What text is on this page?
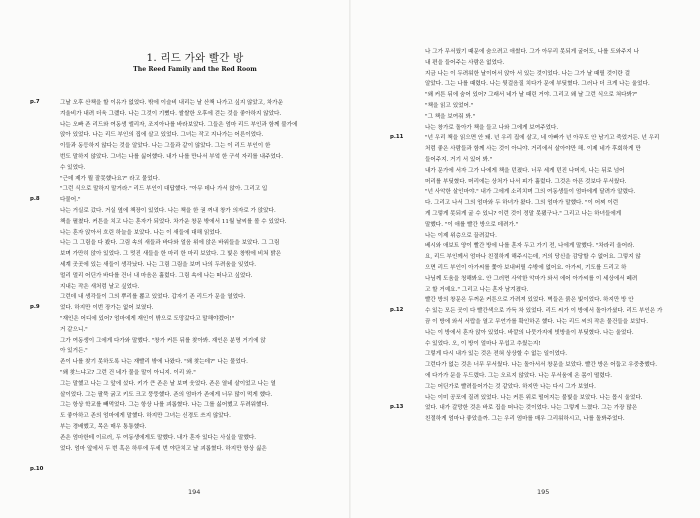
1. 리드 가와 빨간 방
The Reed Family and the Red Room
그날 오후 산책을 할 이유가 없었다. 밖에 이슬비 내리는 날 산책 나가고 싶지 않았고, 차가운
겨울비가 내려 더욱 그랬다. 나는 그것이 기뻤다. 쌀쌀한 오후에 걷는 것을 좋아하지 않았다.
나는 오빠 존 리드와 여동생 엘리자, 조지아나를 바라보았다. 그들은 엄마 리드 부인과 함께 불가에
앉아 있었다. 나는 리드 부인의 집에 살고 있었다. 그녀는 작고 지나가는 어른이었다.
이들과 동등하지 않다는 것을 알았다. 나는 그들과 같이 않았다. 그는 이 리드 부인이 한
번도 말하지 않았다. 그녀는 나를 싫어했다. 내가 나를 만나서 부엌 한 구석 자리를 내주었다.
수 있었다.
"근데 제가 뭘 잘못했나요?" 라고 물었다.
"그런 식으로 말하지 말거라." 리드 부인이 대답했다. "아무 데나 가서 앉아. 그리고 입
다물어."
나는 거실로 갔다. 거실 옆에 책장이 있었다. 나는 책을 한 권 꺼내 창가 의자로 가 앉았다.
책을 펼쳤다. 커튼을 치고 나는 혼자가 되었다. 차가운 창문 밖에서 11월 날씨를 볼 수 있었다.
나는 혼자 앉아서 흐린 하늘을 보았다. 나는 이 새들에 대해 읽었다.
나는 그 그림을 다 봤다. 그림 속의 새들과 바다와 얼음 위에 앉은 바위들을 보았다. 그 그림
보며 가만히 앉아 있었다. 그 멋진 새들을 한 마리 한 마리 보았다. 그 빛은 창밖에 비쳐 밝은
세계 곳곳에 있는 새들이 생각났다. 나는 그림 그림을 보며 나의 두려움을 잊었다.
멀리 멀리 어딘가 바다를 건너 내 마음은 흘렀다. 그림 속에 나는 떠나고 싶었다.
지내는 작은 새처럼 날고 싶었다.
그런데 내 생각들이 그의 뿌리를 뽑고 있었다. 갑자기 존 리드가 문을 열었다.
었다. 하지만 이번 장가는 없어 보였다.
"재인은 어디에 있어? 엄마에게 재인이 밖으로 도망갔다고 말해야겠어!"
거 같으니."
그가 여동생이 그에게 다가와 말했다. "창가 커튼 뒤를 찾아봐. 재인은 분명 거기에 앉
아 있거든."
존이 나를 찾기 못하도록 나는 재빨리 밖에 나왔다. "왜 찾는데?" 나는 물었다.
"왜 찾느냐고? 그런 건 네가 물을 말이 아니지. 이리 와."
그는 말했고 나는 그 앞에 섰다. 키가 큰 존은 날 보며 웃었다. 존은 열네 살이었고 나는 열
살이었다. 그는 팔뚝 굵고 키도 크고 뚱뚱했다. 존의 엄마가 존에게 너무 많이 먹게 했다.
그는 항상 학교를 빼먹었다. 그는 항상 나를 괴롭혔다. 나는 그를 싫어했고 두려워했다.
도 좋아하고 존의 엄마에게 말했다. 하지만 그녀는 신경도 쓰지 않았다.
부는 경배했고, 목은 매우 통통했다.
존은 엄마한테 이르러, 두 여동생에게도 말했다. 내가 혼자 있다는 사실을 말했다.
었다. 엄마 앞에서 두 번 혹은 하루에 두세 번 야단치고 날 괴롭혔다. 하지만 항상 싫은
p.7
p.8
p.9
p.10
194
나 그가 무서웠기 때문에 숨으려고 애썼다. 그가 아무리 못되게 굴어도, 나를 도와주지 나
내 편을 들어주는 사람은 없었다.
지금 나는 이 두려워한 날이어서 앉아 서 있는 것이었다. 나는 그가 날 때릴 것이란 걸
알았다. 그는 나를 때렸다. 나는 뒷걸음질 치다가 문에 부딪혔다. 그러나 더 크게 나는 울었다.
"왜 커튼 뒤에 숨어 있어? 그래서 네가 날 때린 거야. 그리고 왜 날 그런 식으로 쳐다봐?"
"책을 읽고 있었어."
"그 책을 보여줘 봐."
나는 창가로 돌아가 책을 들고 나와 그에게 보여주었다.
"넌 우리 책을 읽으면 안 돼. 넌 우리 집에 살고, 네 아빠가 넌 아무도 안 남기고 죽었거든. 넌 우리
처럼 좋은 사람들과 함께 사는 것이 아니야. 거리에서 살아야만 해. 이제 네가 후회하게 만
들어주지. 거기 서 있어 봐."
내가 문가에 서자 그가 나에게 책을 던졌다. 너무 세게 던진 나머지, 나는 뒤로 넘어
머리를 부딪혔다. 머리에는 상처가 나서 피가 흘렀다. 그것은 아픈 것보다 무서웠다.
"넌 사악한 살인마야." 내가 그에게 소리치며 그의 여동생들이 엄마에게 달려가 알렸다.
다. 그리고 나서 그의 엄마와 두 하녀가 왔다. 그의 엄마가 말했다. "이 어찌 이런
게 그렇게 못되게 굴 수 있니? 이런 것이 정말 못됐구나." 그리고 나는 하녀들에게
말했다. "이 애를 빨간 방으로 데려가."
나는 이제 위층으로 끌려갔다.
베시와 애보트 양이 빨간 방에 나를 혼자 두고 가기 전, 나에게 말했다. "차라리 울어라.
요, 리드 부인께서 엄마나 친절하게 해주시는데, 거의 당신을 감당할 수 없어요. 그렇지 않
으면 리드 부인이 아가씨를 쫓아 보내버릴 수밖에 없어요. 아가씨, 기도를 드리고 하
나님께 도움을 청해봐요. 안 그러면 사악한 악마가 와서 에어 아가씨를 이 세상에서 떼려
고 할 거예요." 그리고 나는 혼자 남겨졌다.
빨간 방의 창문은 두꺼운 커튼으로 가려져 있었다. 벽들은 붉은 빛이었다. 하지만 방 안
수 있는 모든 곳이 다 빨간색으로 가득 차 있었다. 리드 씨가 이 방에서 돌아가셨다. 리드 부인은 가
끔 이 방에 와서 서랍을 열고 무언가를 확인하곤 했다. 나는 리드 씨의 작은 물건들을 보았다.
나는 이 방에서 혼자 앉아 있었다. 바깥의 나뭇가지에 빗방울이 부딪혔다. 나는 울었다.
수 있었다. 오, 이 방이 얼마나 무섭고 추웠는지!
그렇게 다시 내가 있는 것은 전혀 상상할 수 없는 일이었다.
그런다가 없는 것은 너무 무서웠다. 나는 돌아서서 창문을 보았다. 빨간 방은 어둡고 우중충했다.
에 다가가 문을 두드렸다. 그는 오르지 않았다. 나는 무서움에 온 몸이 떨렸다.
그는 어딘가로 빨려들어가는 것 같았다. 하지만 나는 다시 그가 보였다.
나는 이미 공포에 질려 있었다. 나는 커튼 위로 떨어지는 불빛을 보았다. 나는 몹시 울었다.
었다. 내가 갈망한 것은 바로 집을 떠나는 것이었다. 나는 그렇게 느꼈다. 그는 가장 많은
친절하게 엄마나 좋았을까. 그는 우리 엄마를 매우 그리워하시고, 나를 돌봐주었다.
p.11
p.12
p.13
195
